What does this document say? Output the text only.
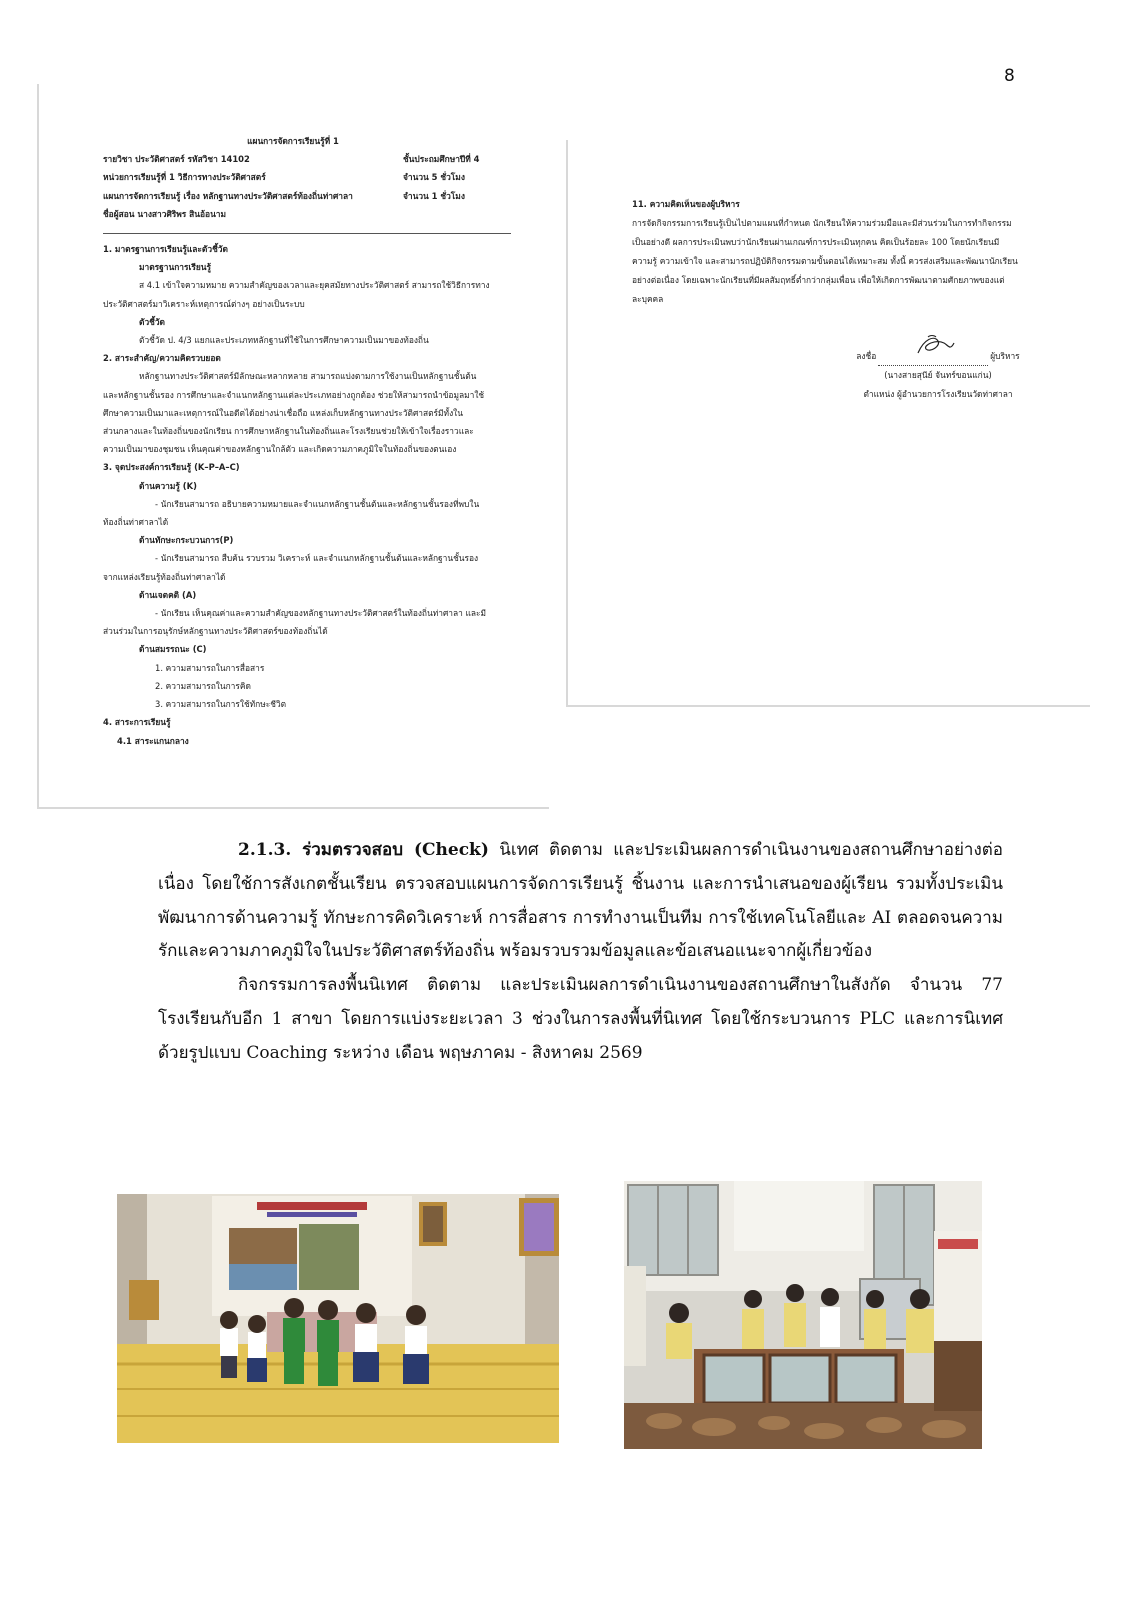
8
แผนการจัดการเรียนรู้ที่ 1
รายวิชา ประวัติศาสตร์ รหัสวิชา 14102	ชั้นประถมศึกษาปีที่ 4
หน่วยการเรียนรู้ที่ 1 วิธีการทางประวัติศาสตร์	จำนวน 5 ชั่วโมง
แผนการจัดการเรียนรู้ เรื่อง หลักฐานทางประวัติศาสตร์ท้องถิ่นท่าศาลา	จำนวน 1 ชั่วโมง
ชื่อผู้สอน นางสาวศิริพร สินอ้อนาม
1. มาตรฐานการเรียนรู้และตัวชี้วัด
มาตรฐานการเรียนรู้
ส 4.1 เข้าใจความหมาย ความสำคัญของเวลาและยุคสมัยทางประวัติศาสตร์ สามารถใช้วิธีการทาง
ประวัติศาสตร์มาวิเคราะห์เหตุการณ์ต่างๆ อย่างเป็นระบบ
ตัวชี้วัด
ตัวชี้วัด ป. 4/3 แยกและประเภทหลักฐานที่ใช้ในการศึกษาความเป็นมาของท้องถิ่น
2. สาระสำคัญ/ความคิดรวบยอด
หลักฐานทางประวัติศาสตร์มีลักษณะหลากหลาย สามารถแบ่งตามการใช้งานเป็นหลักฐานชั้นต้น
และหลักฐานชั้นรอง การศึกษาและจำแนกหลักฐานแต่ละประเภทอย่างถูกต้อง ช่วยให้สามารถนำข้อมูลมาใช้
ศึกษาความเป็นมาและเหตุการณ์ในอดีตได้อย่างน่าเชื่อถือ แหล่งเก็บหลักฐานทางประวัติศาสตร์มีทั้งใน
ส่วนกลางและในท้องถิ่นของนักเรียน การศึกษาหลักฐานในท้องถิ่นและโรงเรียนช่วยให้เข้าใจเรื่องราวและ
ความเป็นมาของชุมชน เห็นคุณค่าของหลักฐานใกล้ตัว และเกิดความภาคภูมิใจในท้องถิ่นของตนเอง
3. จุดประสงค์การเรียนรู้ (K–P–A–C)
ด้านความรู้ (K)
- นักเรียนสามารถ อธิบายความหมายและจำแนกหลักฐานชั้นต้นและหลักฐานชั้นรองที่พบใน
ท้องถิ่นท่าศาลาได้
ด้านทักษะกระบวนการ(P)
- นักเรียนสามารถ สืบค้น รวบรวม วิเคราะห์ และจำแนกหลักฐานชั้นต้นและหลักฐานชั้นรอง
จากแหล่งเรียนรู้ท้องถิ่นท่าศาลาได้
ด้านเจตคติ (A)
- นักเรียน เห็นคุณค่าและความสำคัญของหลักฐานทางประวัติศาสตร์ในท้องถิ่นท่าศาลา และมี
ส่วนร่วมในการอนุรักษ์หลักฐานทางประวัติศาสตร์ของท้องถิ่นได้
ด้านสมรรถนะ (C)
1. ความสามารถในการสื่อสาร
2. ความสามารถในการคิด
3. ความสามารถในการใช้ทักษะชีวิต
4. สาระการเรียนรู้
4.1 สาระแกนกลาง
11. ความคิดเห็นของผู้บริหาร
การจัดกิจกรรมการเรียนรู้เป็นไปตามแผนที่กำหนด นักเรียนให้ความร่วมมือและมีส่วนร่วมในการทำกิจกรรม
เป็นอย่างดี ผลการประเมินพบว่านักเรียนผ่านเกณฑ์การประเมินทุกคน คิดเป็นร้อยละ 100 โดยนักเรียนมี
ความรู้ ความเข้าใจ และสามารถปฏิบัติกิจกรรมตามขั้นตอนได้เหมาะสม ทั้งนี้ ควรส่งเสริมและพัฒนานักเรียน
อย่างต่อเนื่อง โดยเฉพาะนักเรียนที่มีผลสัมฤทธิ์ต่ำกว่ากลุ่มเพื่อน เพื่อให้เกิดการพัฒนาตามศักยภาพของแต่
ละบุคคล
ลงชื่อ	ผู้บริหาร
(นางสายสุนีย์ จันทร์ขอนแก่น)
ตำแหน่ง ผู้อำนวยการโรงเรียนวัดท่าศาลา

2.1.3. ร่วมตรวจสอบ (Check) นิเทศ ติดตาม และประเมินผลการดำเนินงานของสถานศึกษาอย่างต่อเนื่อง โดยใช้การสังเกตชั้นเรียน ตรวจสอบแผนการจัดการเรียนรู้ ชิ้นงาน และการนำเสนอของผู้เรียน รวมทั้งประเมินพัฒนาการด้านความรู้ ทักษะการคิดวิเคราะห์ การสื่อสาร การทำงานเป็นทีม การใช้เทคโนโลยีและ AI ตลอดจนความรักและความภาคภูมิใจในประวัติศาสตร์ท้องถิ่น พร้อมรวบรวมข้อมูลและข้อเสนอแนะจากผู้เกี่ยวข้อง

กิจกรรมการลงพื้นนิเทศ ติดตาม และประเมินผลการดำเนินงานของสถานศึกษาในสังกัด จำนวน 77 โรงเรียนกับอีก 1 สาขา โดยการแบ่งระยะเวลา 3 ช่วงในการลงพื้นที่นิเทศ โดยใช้กระบวนการ PLC และการนิเทศด้วยรูปแบบ Coaching ระหว่าง เดือน พฤษภาคม - สิงหาคม 2569
